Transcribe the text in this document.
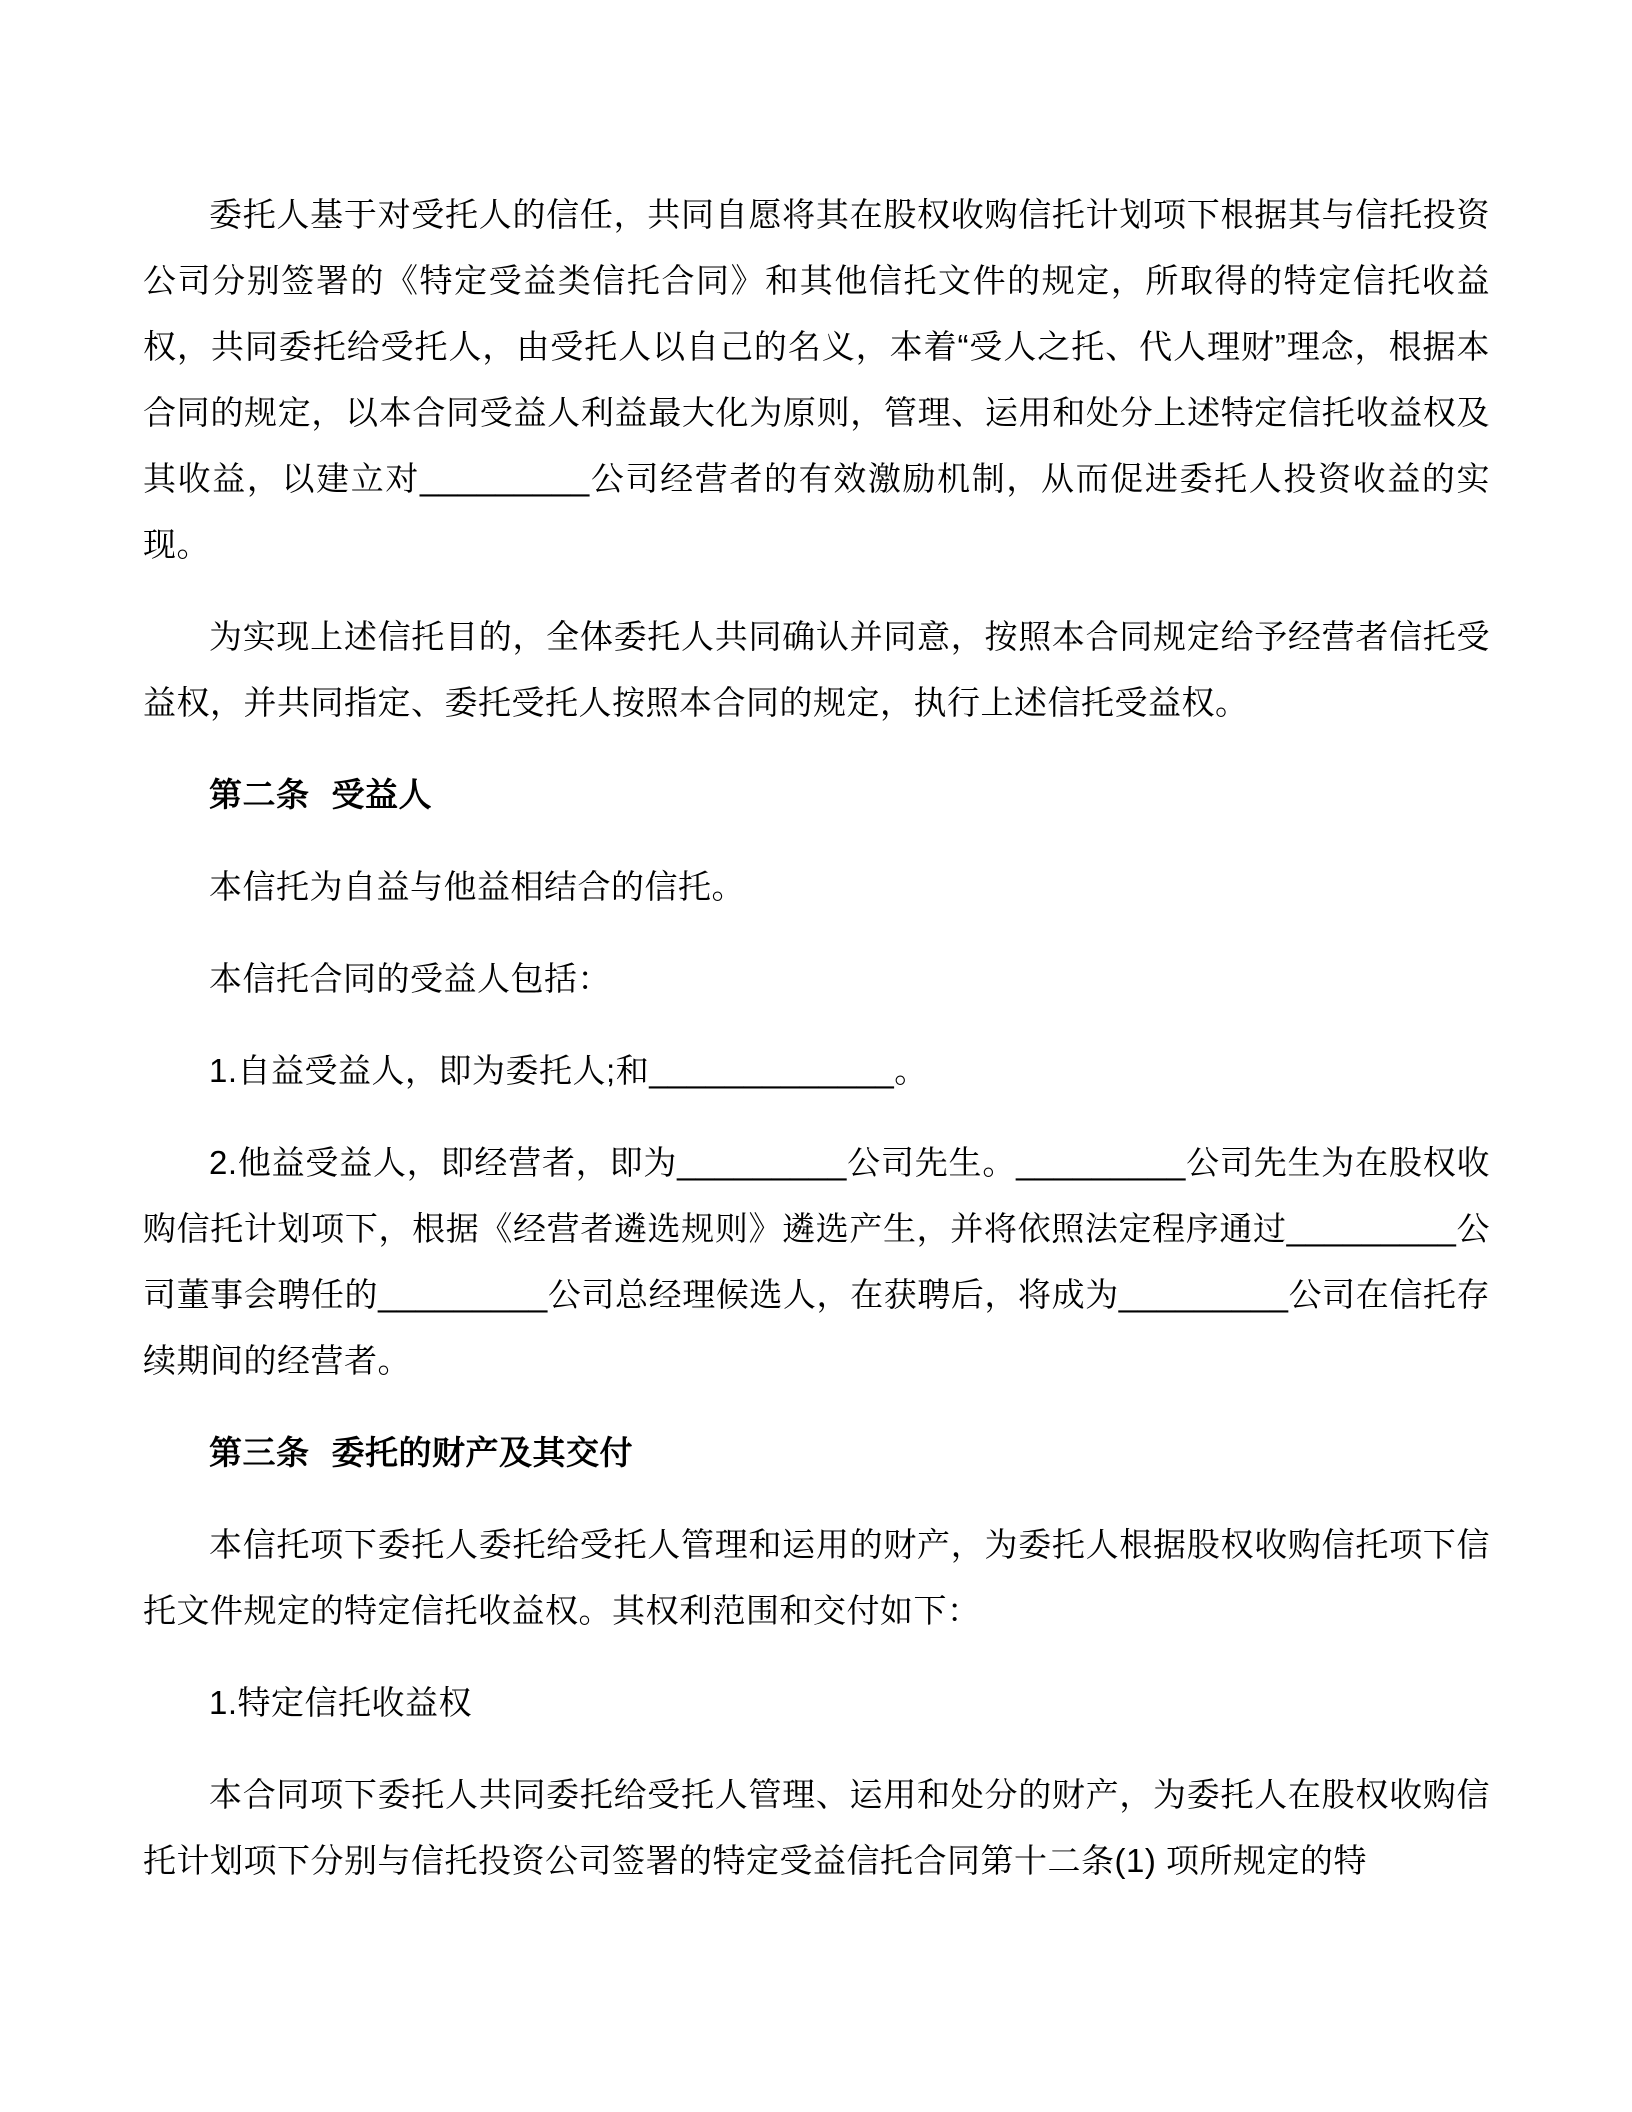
委托人基于对受托人的信任，共同自愿将其在股权收购信托计划项下根据其与信托投资公司分别签署的《特定受益类信托合同》和其他信托文件的规定，所取得的特定信托收益权，共同委托给受托人，由受托人以自己的名义，本着“受人之托、代人理财”理念，根据本合同的规定，以本合同受益人利益最大化为原则，管理、运用和处分上述特定信托收益权及其收益，以建立对_________公司经营者的有效激励机制，从而促进委托人投资收益的实现。

为实现上述信托目的，全体委托人共同确认并同意，按照本合同规定给予经营者信托受益权，并共同指定、委托受托人按照本合同的规定，执行上述信托受益权。

第二条 受益人

本信托为自益与他益相结合的信托。

本信托合同的受益人包括：

1.自益受益人，即为委托人;和_____________。

2.他益受益人，即经营者，即为_________公司先生。_________公司先生为在股权收购信托计划项下，根据《经营者遴选规则》遴选产生，并将依照法定程序通过_________公司董事会聘任的_________公司总经理候选人，在获聘后，将成为_________公司在信托存续期间的经营者。

第三条 委托的财产及其交付

本信托项下委托人委托给受托人管理和运用的财产，为委托人根据股权收购信托项下信托文件规定的特定信托收益权。其权利范围和交付如下：

1.特定信托收益权

本合同项下委托人共同委托给受托人管理、运用和处分的财产，为委托人在股权收购信托计划项下分别与信托投资公司签署的特定受益信托合同第十二条(1) 项所规定的特
